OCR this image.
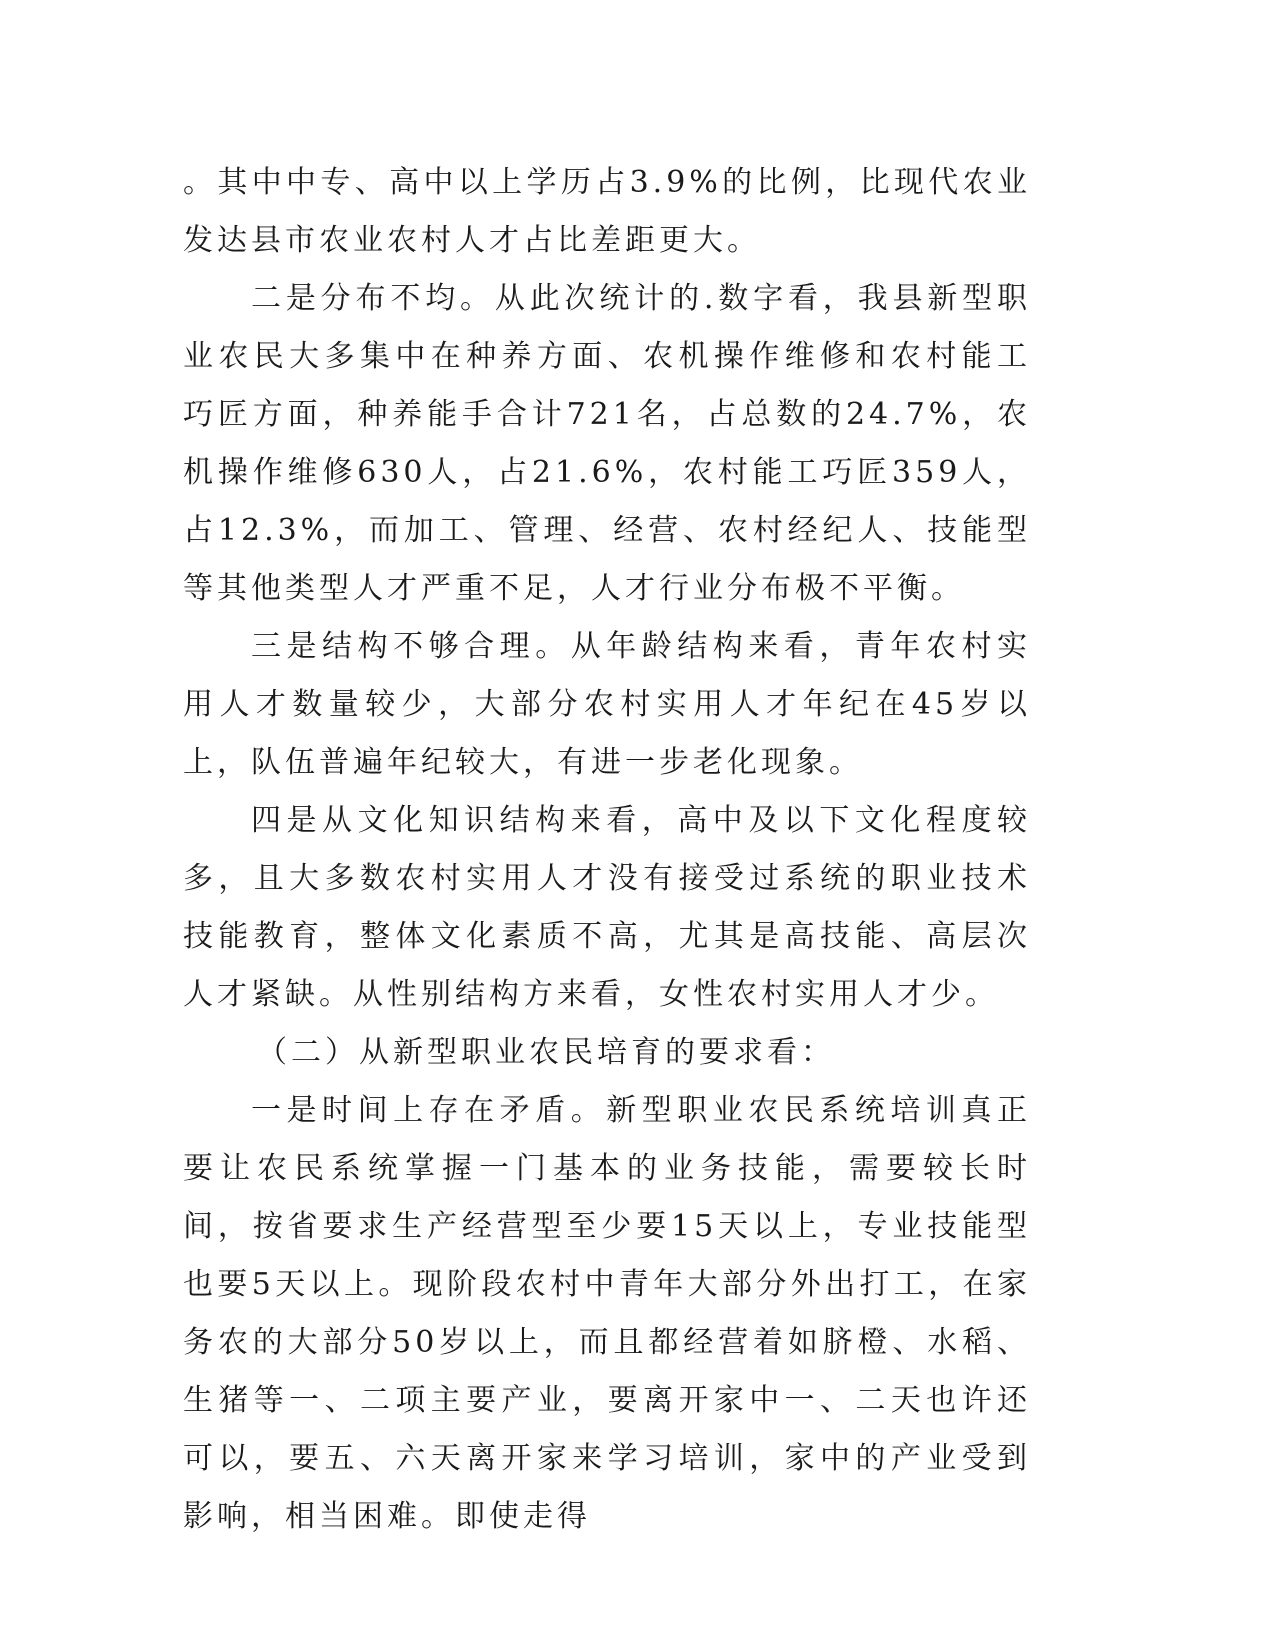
。其中中专、高中以上学历占3.9%的比例，比现代农业发达县市农业农村人才占比差距更大。

二是分布不均。从此次统计的.数字看，我县新型职业农民大多集中在种养方面、农机操作维修和农村能工巧匠方面，种养能手合计721名，占总数的24.7%，农机操作维修630人，占21.6%，农村能工巧匠359人，占12.3%，而加工、管理、经营、农村经纪人、技能型等其他类型人才严重不足，人才行业分布极不平衡。

三是结构不够合理。从年龄结构来看，青年农村实用人才数量较少，大部分农村实用人才年纪在45岁以上，队伍普遍年纪较大，有进一步老化现象。

四是从文化知识结构来看，高中及以下文化程度较多，且大多数农村实用人才没有接受过系统的职业技术技能教育，整体文化素质不高，尤其是高技能、高层次人才紧缺。从性别结构方来看，女性农村实用人才少。

（二）从新型职业农民培育的要求看：

一是时间上存在矛盾。新型职业农民系统培训真正要让农民系统掌握一门基本的业务技能，需要较长时间，按省要求生产经营型至少要15天以上，专业技能型也要5天以上。现阶段农村中青年大部分外出打工，在家务农的大部分50岁以上，而且都经营着如脐橙、水稻、生猪等一、二项主要产业，要离开家中一、二天也许还可以，要五、六天离开家来学习培训，家中的产业受到影响，相当困难。即使走得
